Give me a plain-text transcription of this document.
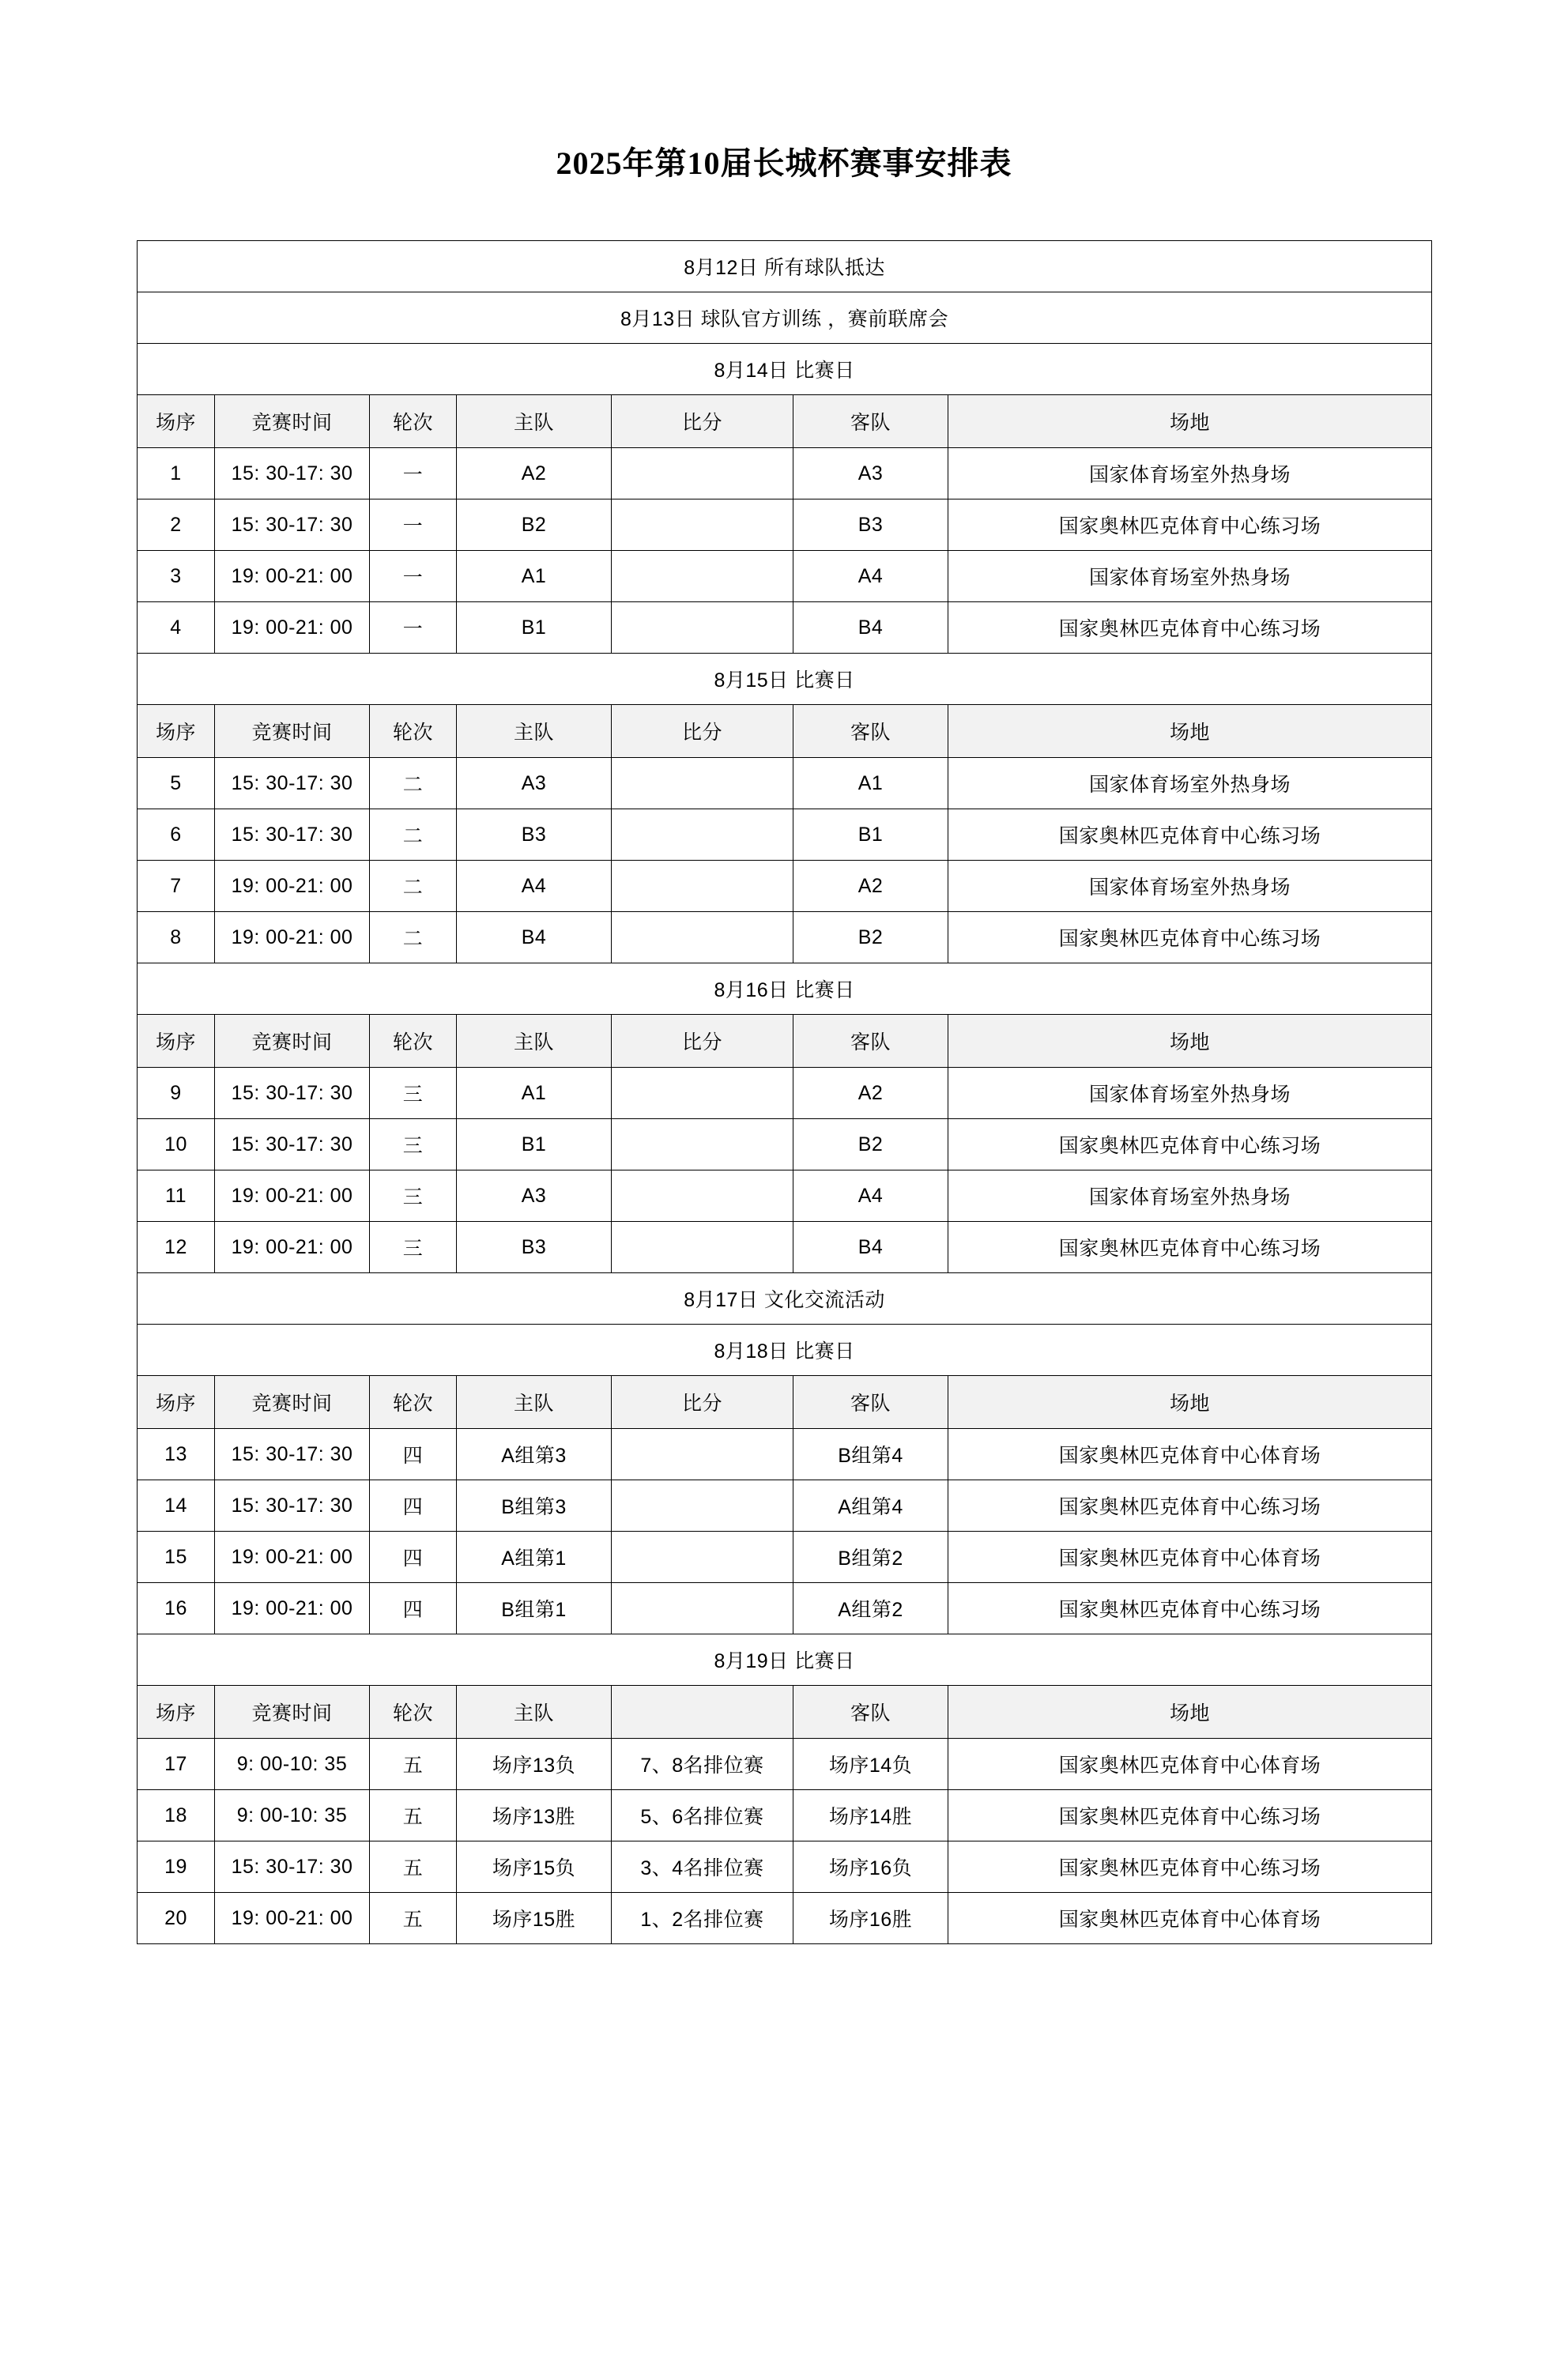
2025年第10届长城杯赛事安排表
8月12日 所有球队抵达						
8月13日 球队官方训练 ，赛前联席会						
8月14日 比赛日						
场序	竞赛时间	轮次	主队	比分	客队	场地
1	15: 30-17: 30	一	A2		A3	国家体育场室外热身场
2	15: 30-17: 30	一	B2		B3	国家奥林匹克体育中心练习场
3	19: 00-21: 00	一	A1		A4	国家体育场室外热身场
4	19: 00-21: 00	一	B1		B4	国家奥林匹克体育中心练习场
8月15日 比赛日						
场序	竞赛时间	轮次	主队	比分	客队	场地
5	15: 30-17: 30	二	A3		A1	国家体育场室外热身场
6	15: 30-17: 30	二	B3		B1	国家奥林匹克体育中心练习场
7	19: 00-21: 00	二	A4		A2	国家体育场室外热身场
8	19: 00-21: 00	二	B4		B2	国家奥林匹克体育中心练习场
8月16日 比赛日						
场序	竞赛时间	轮次	主队	比分	客队	场地
9	15: 30-17: 30	三	A1		A2	国家体育场室外热身场
10	15: 30-17: 30	三	B1		B2	国家奥林匹克体育中心练习场
11	19: 00-21: 00	三	A3		A4	国家体育场室外热身场
12	19: 00-21: 00	三	B3		B4	国家奥林匹克体育中心练习场
8月17日 文化交流活动						
8月18日 比赛日						
场序	竞赛时间	轮次	主队	比分	客队	场地
13	15: 30-17: 30	四	A组第3		B组第4	国家奥林匹克体育中心体育场
14	15: 30-17: 30	四	B组第3		A组第4	国家奥林匹克体育中心练习场
15	19: 00-21: 00	四	A组第1		B组第2	国家奥林匹克体育中心体育场
16	19: 00-21: 00	四	B组第1		A组第2	国家奥林匹克体育中心练习场
8月19日 比赛日						
场序	竞赛时间	轮次	主队		客队	场地
17	9: 00-10: 35	五	场序13负	7、8名排位赛	场序14负	国家奥林匹克体育中心体育场
18	9: 00-10: 35	五	场序13胜	5、6名排位赛	场序14胜	国家奥林匹克体育中心练习场
19	15: 30-17: 30	五	场序15负	3、4名排位赛	场序16负	国家奥林匹克体育中心练习场
20	19: 00-21: 00	五	场序15胜	1、2名排位赛	场序16胜	国家奥林匹克体育中心体育场
